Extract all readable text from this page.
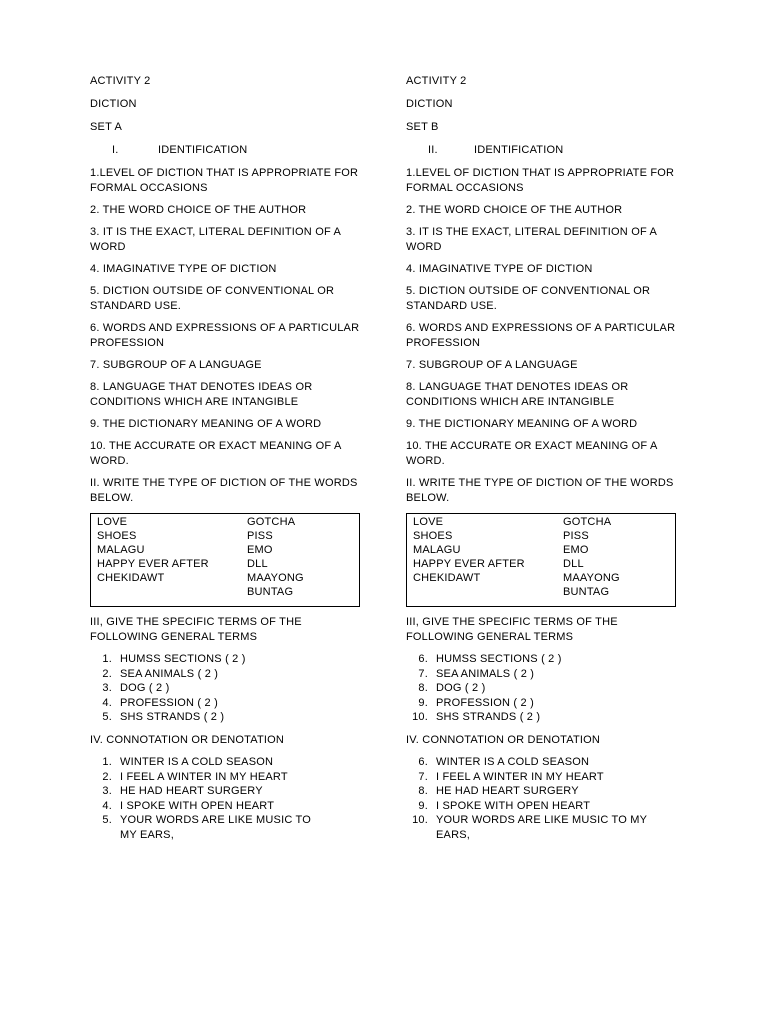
ACTIVITY 2
DICTION
SET A
I.	IDENTIFICATION
1.LEVEL OF DICTION THAT IS APPROPRIATE FOR FORMAL OCCASIONS
2. THE WORD CHOICE OF THE AUTHOR
3. IT IS THE EXACT, LITERAL DEFINITION OF A WORD
4. IMAGINATIVE TYPE OF DICTION
5. DICTION OUTSIDE OF CONVENTIONAL OR STANDARD USE.
6. WORDS AND EXPRESSIONS OF A PARTICULAR PROFESSION
7. SUBGROUP OF A LANGUAGE
8. LANGUAGE THAT DENOTES IDEAS OR CONDITIONS WHICH ARE INTANGIBLE
9. THE DICTIONARY MEANING OF A WORD
10. THE ACCURATE OR EXACT MEANING OF A WORD.
II. WRITE THE TYPE OF DICTION OF THE WORDS BELOW.
LOVE	GOTCHA
SHOES	PISS
MALAGU	EMO
HAPPY EVER AFTER	DLL
CHEKIDAWT	MAAYONG BUNTAG
III, GIVE THE SPECIFIC TERMS OF THE FOLLOWING GENERAL TERMS
1. HUMSS SECTIONS ( 2 )
2. SEA ANIMALS ( 2 )
3. DOG ( 2 )
4. PROFESSION ( 2 )
5. SHS STRANDS ( 2 )
IV. CONNOTATION OR DENOTATION
1. WINTER IS A COLD SEASON
2. I FEEL A WINTER IN MY HEART
3. HE HAD HEART SURGERY
4. I SPOKE WITH OPEN HEART
5. YOUR WORDS ARE LIKE MUSIC TO MY EARS,
ACTIVITY 2
DICTION
SET B
II.	IDENTIFICATION
1.LEVEL OF DICTION THAT IS APPROPRIATE FOR FORMAL OCCASIONS
2. THE WORD CHOICE OF THE AUTHOR
3. IT IS THE EXACT, LITERAL DEFINITION OF A WORD
4. IMAGINATIVE TYPE OF DICTION
5. DICTION OUTSIDE OF CONVENTIONAL OR STANDARD USE.
6. WORDS AND EXPRESSIONS OF A PARTICULAR PROFESSION
7. SUBGROUP OF A LANGUAGE
8. LANGUAGE THAT DENOTES IDEAS OR CONDITIONS WHICH ARE INTANGIBLE
9. THE DICTIONARY MEANING OF A WORD
10. THE ACCURATE OR EXACT MEANING OF A WORD.
II. WRITE THE TYPE OF DICTION OF THE WORDS BELOW.
LOVE	GOTCHA
SHOES	PISS
MALAGU	EMO
HAPPY EVER AFTER	DLL
CHEKIDAWT	MAAYONG BUNTAG
III, GIVE THE SPECIFIC TERMS OF THE FOLLOWING GENERAL TERMS
6. HUMSS SECTIONS ( 2 )
7. SEA ANIMALS ( 2 )
8. DOG ( 2 )
9. PROFESSION ( 2 )
10. SHS STRANDS ( 2 )
IV. CONNOTATION OR DENOTATION
6. WINTER IS A COLD SEASON
7. I FEEL A WINTER IN MY HEART
8. HE HAD HEART SURGERY
9. I SPOKE WITH OPEN HEART
10. YOUR WORDS ARE LIKE MUSIC TO MY EARS,
